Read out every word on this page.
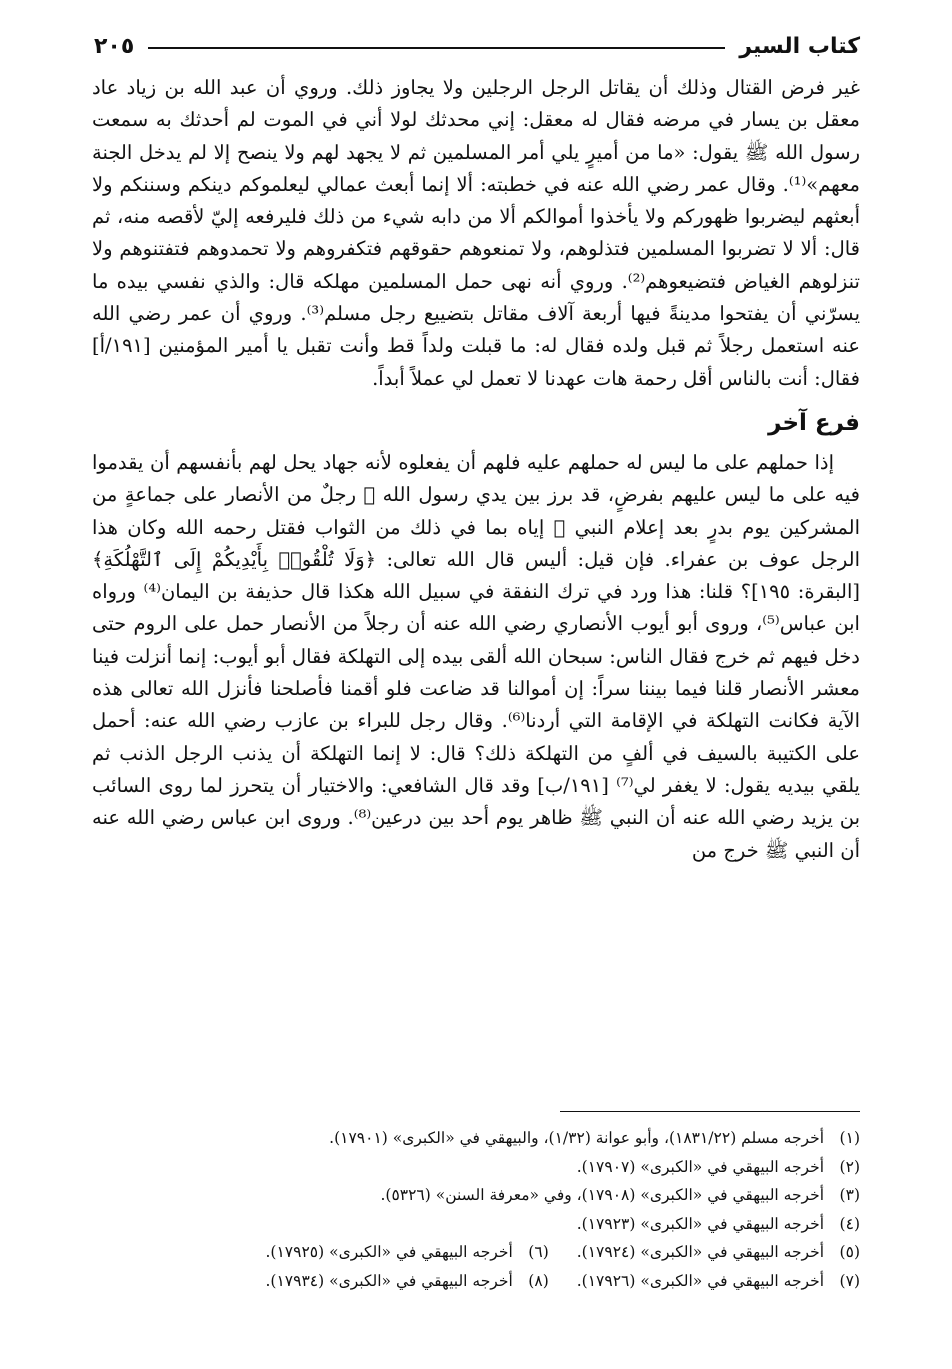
كتاب السير
٢٠٥

غير فرض القتال وذلك أن يقاتل الرجل الرجلين ولا يجاوز ذلك. وروي أن عبد الله بن زياد عاد معقل بن يسار في مرضه فقال له معقل: إني محدثك لولا أني في الموت لم أحدثك به سمعت رسول الله ﷺ يقول: «ما من أميرٍ يلي أمر المسلمين ثم لا يجهد لهم ولا ينصح إلا لم يدخل الجنة معهم»⁽¹⁾. وقال عمر رضي الله عنه في خطبته: ألا إنما أبعث عمالي ليعلموكم دينكم وسننكم ولا أبعثهم ليضربوا ظهوركم ولا يأخذوا أموالكم ألا من دابه شيء من ذلك فليرفعه إليّ لأقصه منه، ثم قال: ألا لا تضربوا المسلمين فتذلوهم، ولا تمنعوهم حقوقهم فتكفروهم ولا تحمدوهم فتفتنوهم ولا تنزلوهم الغياض فتضيعوهم⁽²⁾. وروي أنه نهى حمل المسلمين مهلكه قال: والذي نفسي بيده ما يسرّني أن يفتحوا مدينةً فيها أربعة آلاف مقاتل بتضييع رجل مسلم⁽³⁾. وروي أن عمر رضي الله عنه استعمل رجلاً ثم قبل ولده فقال له: ما قبلت ولداً قط وأنت تقبل يا أمير المؤمنين [١٩١/أ] فقال: أنت بالناس أقل رحمة هات عهدنا لا تعمل لي عملاً أبداً.

فرع آخر

إذا حملهم على ما ليس له حملهم عليه فلهم أن يفعلوه لأنه جهاد يحل لهم بأنفسهم أن يقدموا فيه على ما ليس عليهم بفرضٍ، قد برز بين يدي رسول الله ﷺ رجلٌ من الأنصار على جماعةٍ من المشركين يوم بدرٍ بعد إعلام النبي ﷺ إياه بما في ذلك من الثواب فقتل رحمه الله وكان هذا الرجل عوف بن عفراء. فإن قيل: أليس قال الله تعالى: ﴿وَلَا تُلْقُوا۟ بِأَيْدِيكُمْ إِلَى ٱلتَّهْلُكَةِ﴾ [البقرة: ١٩٥]؟ قلنا: هذا ورد في ترك النفقة في سبيل الله هكذا قال حذيفة بن اليمان⁽⁴⁾ ورواه ابن عباس⁽⁵⁾، وروى أبو أيوب الأنصاري رضي الله عنه أن رجلاً من الأنصار حمل على الروم حتى دخل فيهم ثم خرج فقال الناس: سبحان الله ألقى بيده إلى التهلكة فقال أبو أيوب: إنما أنزلت فينا معشر الأنصار قلنا فيما بيننا سراً: إن أموالنا قد ضاعت فلو أقمنا فأصلحنا فأنزل الله تعالى هذه الآية فكانت التهلكة في الإقامة التي أردنا⁽⁶⁾. وقال رجل للبراء بن عازب رضي الله عنه: أحمل على الكتيبة بالسيف في ألفٍ من التهلكة ذلك؟ قال: لا إنما التهلكة أن يذنب الرجل الذنب ثم يلقي بيديه يقول: لا يغفر لي⁽⁷⁾ [١٩١/ب] وقد قال الشافعي: والاختيار أن يتحرز لما روى السائب بن يزيد رضي الله عنه أن النبي ﷺ ظاهر يوم أحد بين درعين⁽⁸⁾. وروى ابن عباس رضي الله عنه أن النبي ﷺ خرج من

(١)
أخرجه مسلم (١٨٣١/٢٢)، وأبو عوانة (١/٣٢)، والبيهقي في «الكبرى» (١٧٩٠١).
(٢)
أخرجه البيهقي في «الكبرى» (١٧٩٠٧).
(٣)
أخرجه البيهقي في «الكبرى» (١٧٩٠٨)، وفي «معرفة السنن» (٥٣٢٦).
(٤)
أخرجه البيهقي في «الكبرى» (١٧٩٢٣).
(٥)
أخرجه البيهقي في «الكبرى» (١٧٩٢٤).
(٦)
أخرجه البيهقي في «الكبرى» (١٧٩٢٥).
(٧)
أخرجه البيهقي في «الكبرى» (١٧٩٢٦).
(٨)
أخرجه البيهقي في «الكبرى» (١٧٩٣٤).
